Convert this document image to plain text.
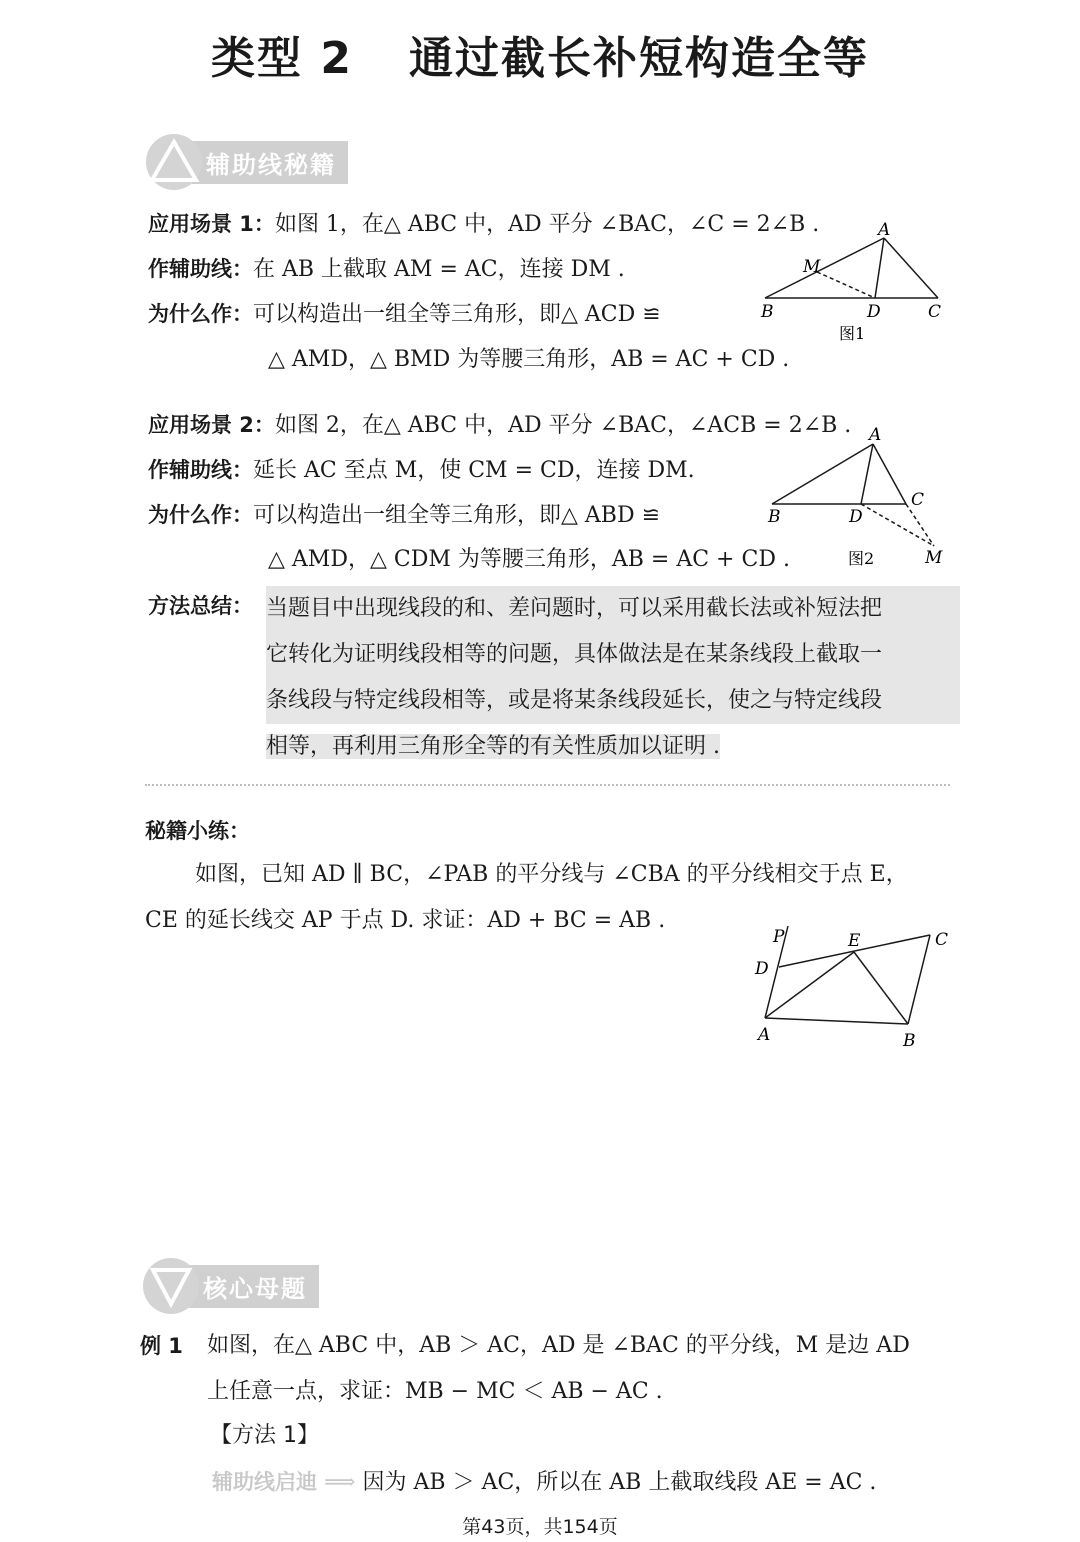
类型 2 通过截长补短构造全等
辅助线秘籍
应用场景 1：如图 1，在△ ABC 中，AD 平分 ∠BAC，∠C = 2∠B .
作辅助线：在 AB 上截取 AM = AC，连接 DM .
为什么作：可以构造出一组全等三角形，即△ ACD ≌
△ AMD，△ BMD 为等腰三角形，AB = AC + CD .
A
M
B	D	C
图1
应用场景 2：如图 2，在△ ABC 中，AD 平分 ∠BAC，∠ACB = 2∠B .
作辅助线：延长 AC 至点 M，使 CM = CD，连接 DM.
为什么作：可以构造出一组全等三角形，即△ ABD ≌
△ AMD，△ CDM 为等腰三角形，AB = AC + CD .
A
B	D
C
M
图2
方法总结： 当题目中出现线段的和、差问题时，可以采用截长法或补短法把
它转化为证明线段相等的问题，具体做法是在某条线段上截取一
条线段与特定线段相等，或是将某条线段延长，使之与特定线段
相等，再利用三角形全等的有关性质加以证明 .
秘籍小练：
如图，已知 AD ∥ BC，∠PAB 的平分线与 ∠CBA 的平分线相交于点 E，
CE 的延长线交 AP 于点 D. 求证：AD + BC = AB .
P	E	C
D
A	B
核心母题
例 1 如图，在△ ABC 中，AB ＞ AC，AD 是 ∠BAC 的平分线，M 是边 AD
上任意一点，求证：MB − MC ＜ AB − AC .
【方法 1】
辅助线启迪 ⟹ 因为 AB ＞ AC，所以在 AB 上截取线段 AE = AC .
第43页，共154页
